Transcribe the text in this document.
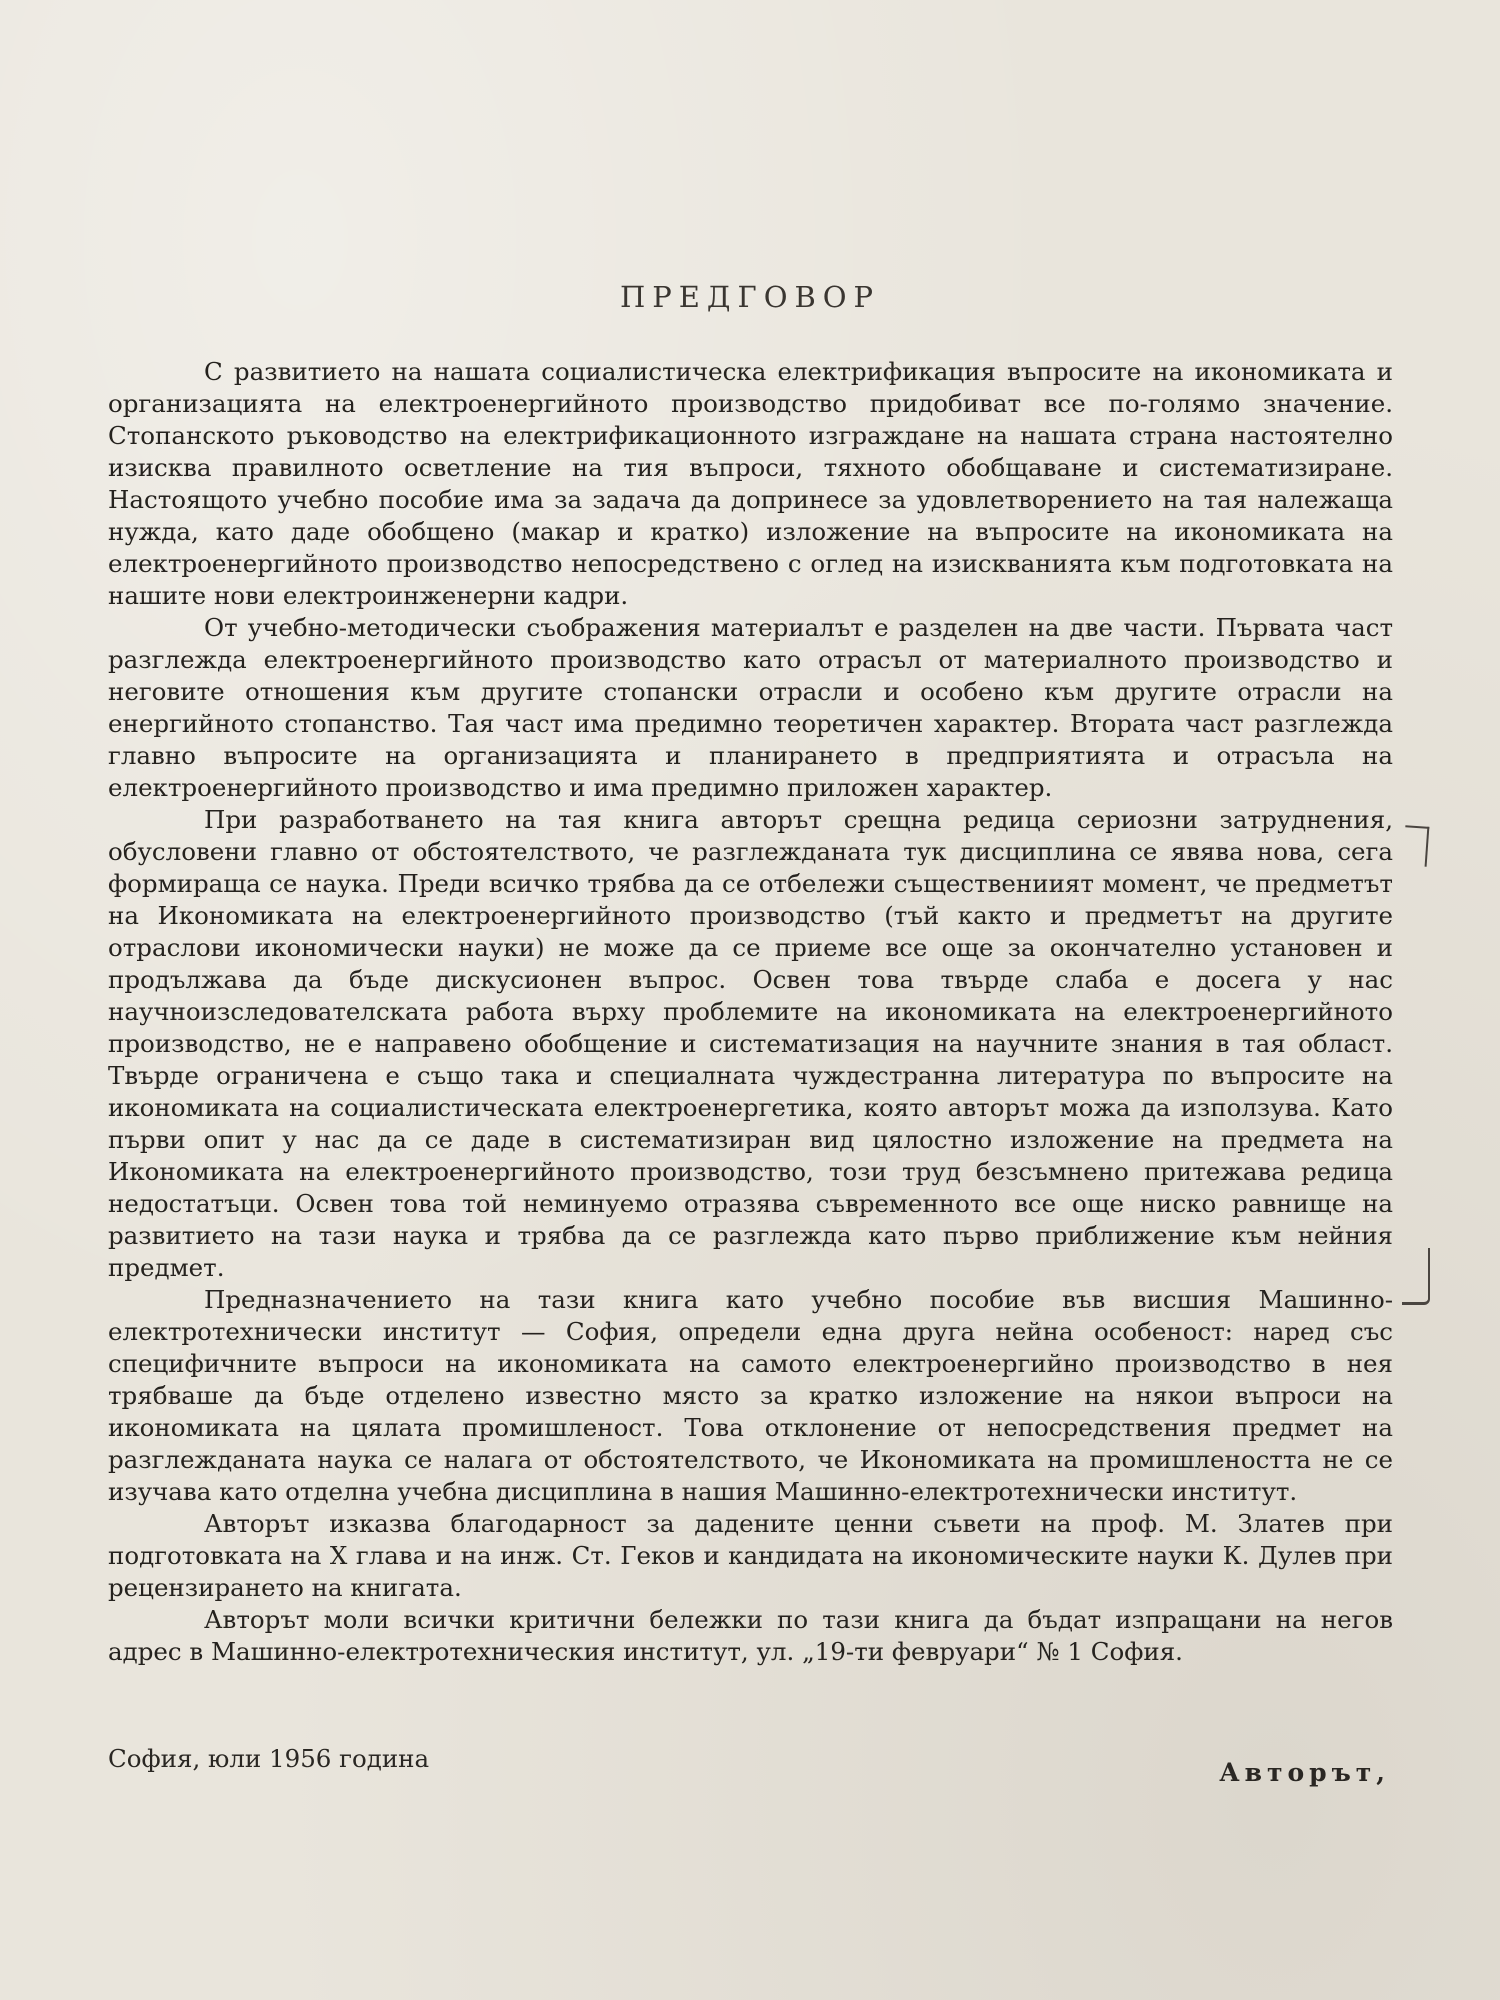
ПРЕДГОВОР

С развитието на нашата социалистическа електрификация въпросите на икономиката и организацията на електроенергийното производство придобиват все по-голямо значение. Стопанското ръководство на електрификационното изграждане на нашата страна настоятелно изисква правилното осветление на тия въпроси, тяхното обобщаване и систематизиране. Настоящото учебно пособие има за задача да допринесе за удовлетворението на тая належаща нужда, като даде обобщено (макар и кратко) изложение на въпросите на икономиката на електроенергийното производство непосредствено с оглед на изискванията към подготовката на нашите нови електроинженерни кадри.

От учебно-методически съображения материалът е разделен на две части. Първата част разглежда електроенергийното производство като отрасъл от материалното производство и неговите отношения към другите стопански отрасли и особено към другите отрасли на енергийното стопанство. Тая част има предимно теоретичен характер. Втората част разглежда главно въпросите на организацията и планирането в предприятията и отрасъла на електроенергийното производство и има предимно приложен характер.

При разработването на тая книга авторът срещна редица сериозни затруднения, обусловени главно от обстоятелството, че разглежданата тук дисциплина се явява нова, сега формираща се наука. Преди всичко трябва да се отбележи съществениият момент, че предметът на Икономиката на електроенергийното производство (тъй както и предметът на другите отраслови икономически науки) не може да се приеме все още за окончателно установен и продължава да бъде дискусионен въпрос. Освен това твърде слаба е досега у нас научноизследователската работа върху проблемите на икономиката на електроенергийното производство, не е направено обобщение и систематизация на научните знания в тая област. Твърде ограничена е също така и специалната чуждестранна литература по въпросите на икономиката на социалистическата електроенергетика, която авторът можа да използува. Като първи опит у нас да се даде в систематизиран вид цялостно изложение на предмета на Икономиката на електроенергийното производство, този труд безсъмнено притежава редица недостатъци. Освен това той неминуемо отразява съвременното все още ниско равнище на развитието на тази наука и трябва да се разглежда като първо приближение към нейния предмет.

Предназначението на тази книга като учебно пособие във висшия Машинно-електротехнически институт — София, определи една друга нейна особеност: наред със специфичните въпроси на икономиката на самото електроенергийно производство в нея трябваше да бъде отделено известно място за кратко изложение на някои въпроси на икономиката на цялата промишленост. Това отклонение от непосредствения предмет на разглежданата наука се налага от обстоятелството, че Икономиката на промишлеността не се изучава като отделна учебна дисциплина в нашия Машинно-електротехнически институт.

Авторът изказва благодарност за дадените ценни съвети на проф. М. Златев при подготовката на X глава и на инж. Ст. Геков и кандидата на икономическите науки К. Дулев при рецензирането на книгата.

Авторът моли всички критични бележки по тази книга да бъдат изпращани на негов адрес в Машинно-електротехническия институт, ул. „19-ти февруари“ № 1 София.

София, юли 1956 година	Авторът,
